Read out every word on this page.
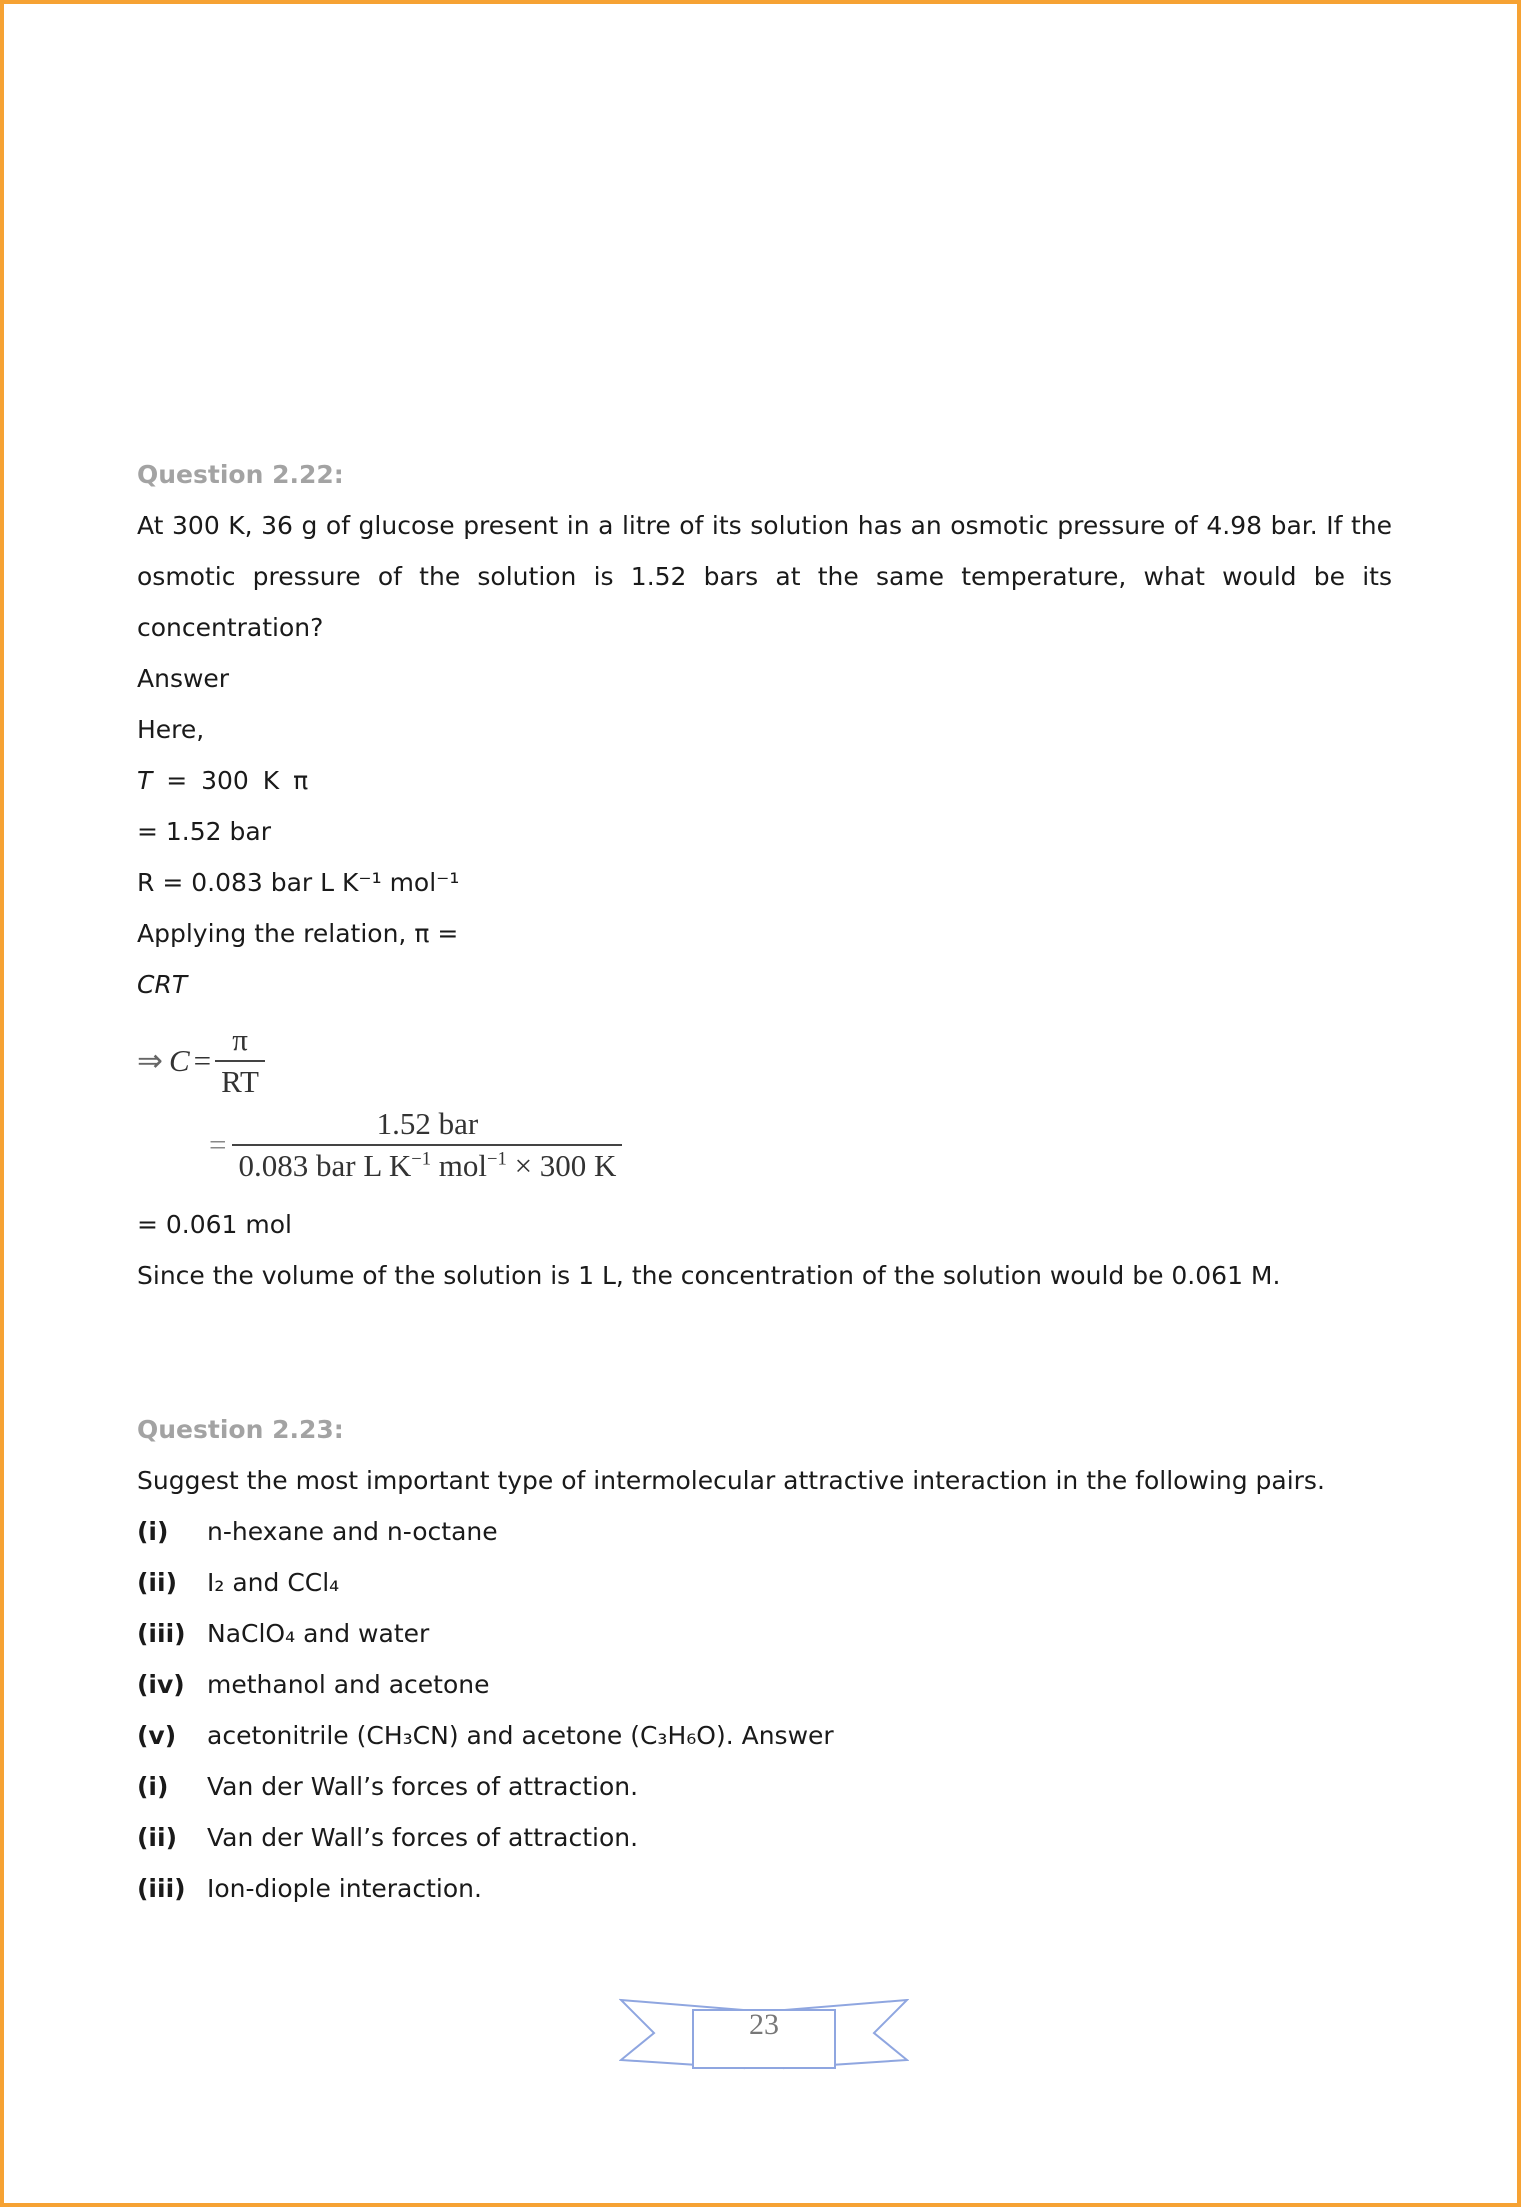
Question 2.22:
At 300 K, 36 g of glucose present in a litre of its solution has an osmotic pressure of 4.98 bar. If the osmotic pressure of the solution is 1.52 bars at the same temperature, what would be its concentration?
Answer
Here,
T = 300 K π
= 1.52 bar
R = 0.083 bar L K⁻¹ mol⁻¹
Applying the relation, π =
CRT
⇒ $C = \frac{\pi}{RT}$
= $\frac{\text{1.52 bar}}{0.083 bar L K^{-1} mol^{-1} \times 300 K}$
= 0.061 mol
Since the volume of the solution is 1 L, the concentration of the solution would be 0.061 M.
Question 2.23:
Suggest the most important type of intermolecular attractive interaction in the following pairs.
(i)	n-hexane and n-octane
(ii)	I₂ and CCl₄
(iii) NaClO₄ and water
(iv) methanol and acetone
(v)	acetonitrile (CH₃CN) and acetone (C₃H₆O). Answer
(i)	Van der Wall’s forces of attraction.
(ii)	Van der Wall’s forces of attraction.
(iii) Ion-diople interaction.
23
